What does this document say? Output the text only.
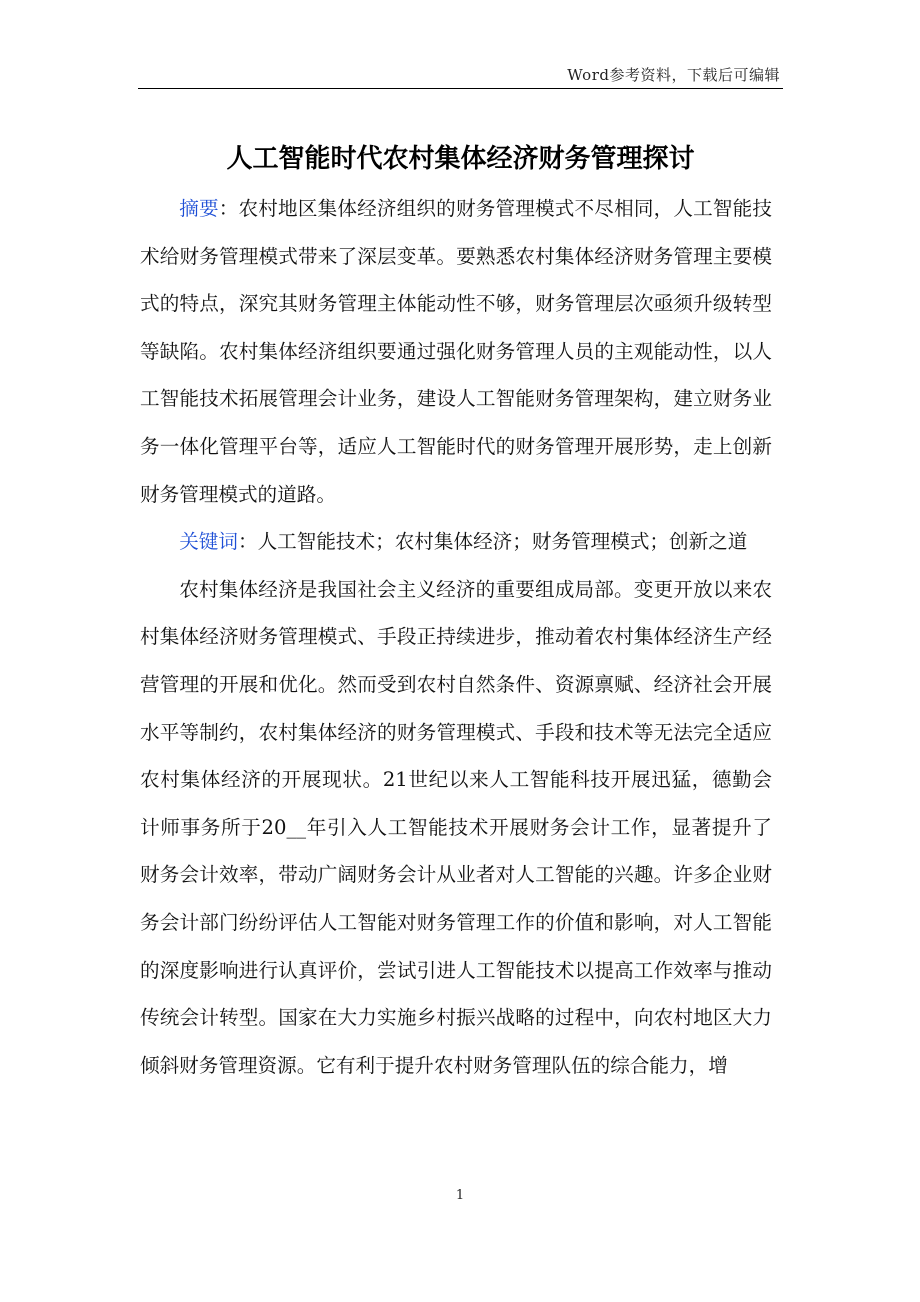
Word参考资料，下载后可编辑
人工智能时代农村集体经济财务管理探讨

摘要：农村地区集体经济组织的财务管理模式不尽相同，人工智能技术给财务管理模式带来了深层变革。要熟悉农村集体经济财务管理主要模式的特点，深究其财务管理主体能动性不够，财务管理层次亟须升级转型等缺陷。农村集体经济组织要通过强化财务管理人员的主观能动性，以人工智能技术拓展管理会计业务，建设人工智能财务管理架构，建立财务业务一体化管理平台等，适应人工智能时代的财务管理开展形势，走上创新财务管理模式的道路。

关键词：人工智能技术；农村集体经济；财务管理模式；创新之道

农村集体经济是我国社会主义经济的重要组成局部。变更开放以来农村集体经济财务管理模式、手段正持续进步，推动着农村集体经济生产经营管理的开展和优化。然而受到农村自然条件、资源禀赋、经济社会开展水平等制约，农村集体经济的财务管理模式、手段和技术等无法完全适应农村集体经济的开展现状。21世纪以来人工智能科技开展迅猛，德勤会计师事务所于20__年引入人工智能技术开展财务会计工作，显著提升了财务会计效率，带动广阔财务会计从业者对人工智能的兴趣。许多企业财务会计部门纷纷评估人工智能对财务管理工作的价值和影响，对人工智能的深度影响进行认真评价，尝试引进人工智能技术以提高工作效率与推动传统会计转型。国家在大力实施乡村振兴战略的过程中，向农村地区大力倾斜财务管理资源。它有利于提升农村财务管理队伍的综合能力，增

1
